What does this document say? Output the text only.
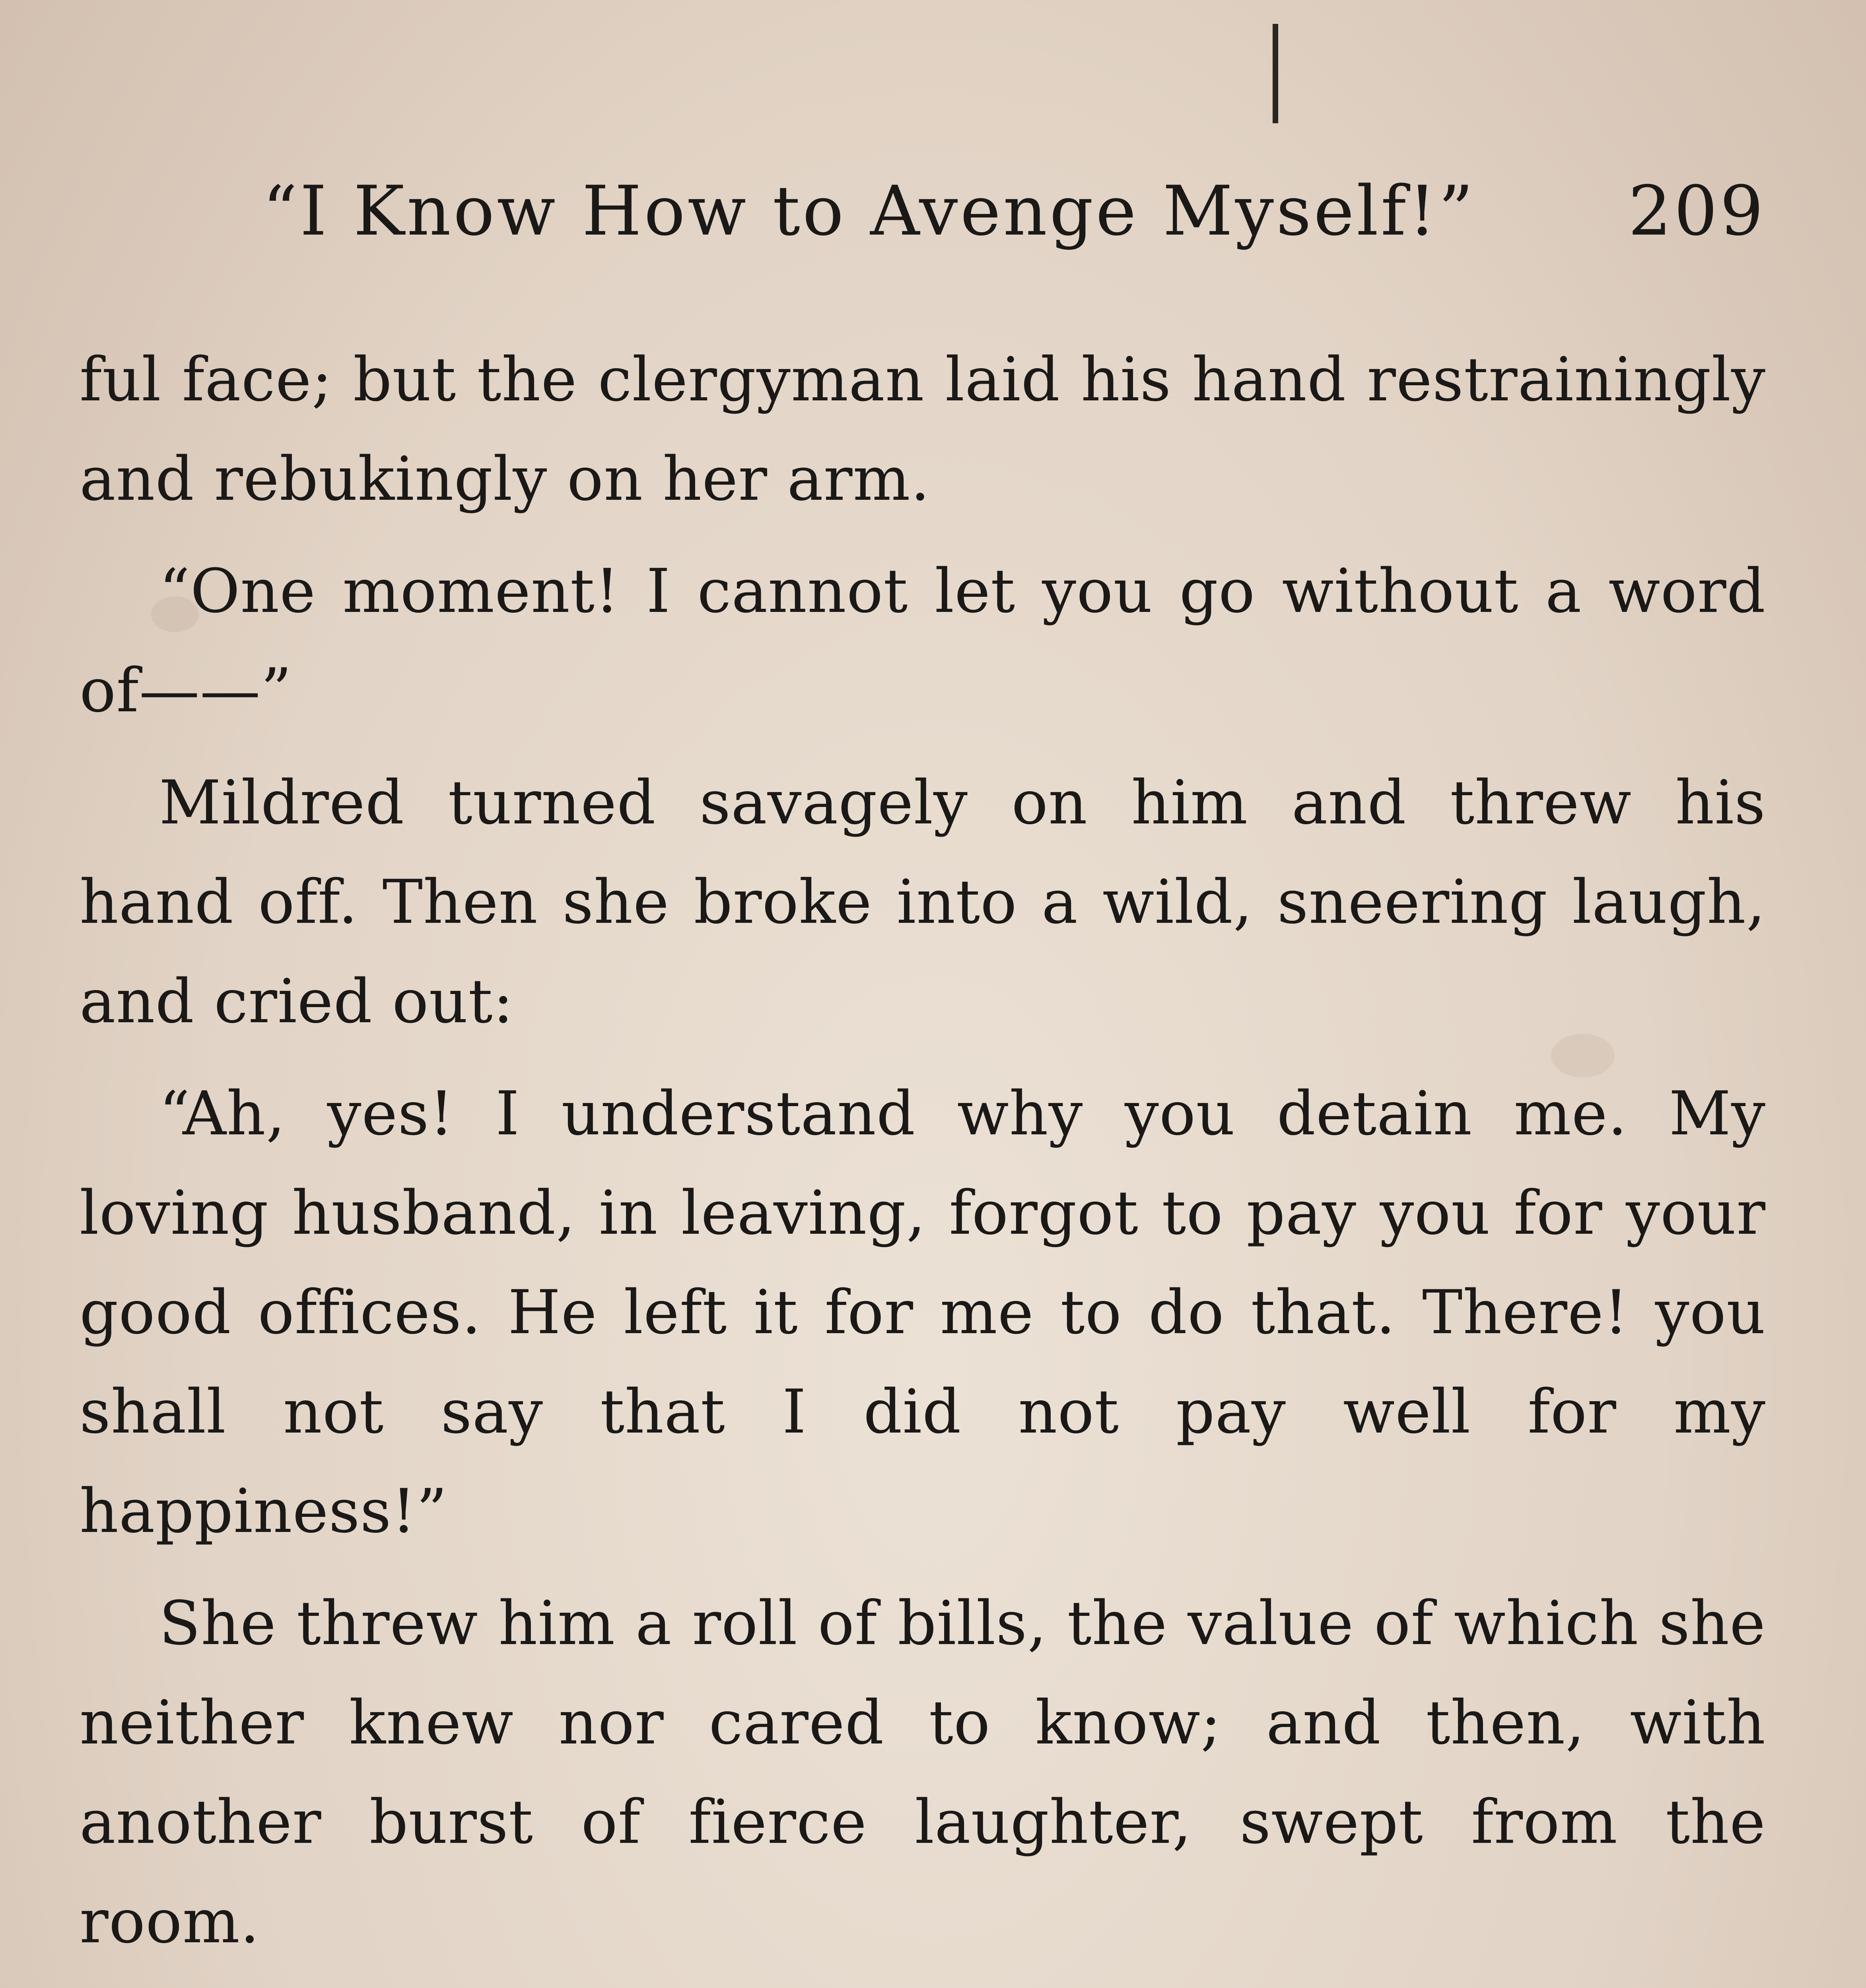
“I Know How to Avenge Myself!” 209

ful face; but the clergyman laid his hand restrainingly and rebukingly on her arm.

“One moment! I cannot let you go without a word of——”

Mildred turned savagely on him and threw his hand off. Then she broke into a wild, sneering laugh, and cried out:

“Ah, yes! I understand why you detain me. My loving husband, in leaving, forgot to pay you for your good offices. He left it for me to do that. There! you shall not say that I did not pay well for my happiness!”

She threw him a roll of bills, the value of which she neither knew nor cared to know; and then, with another burst of fierce laughter, swept from the room.
